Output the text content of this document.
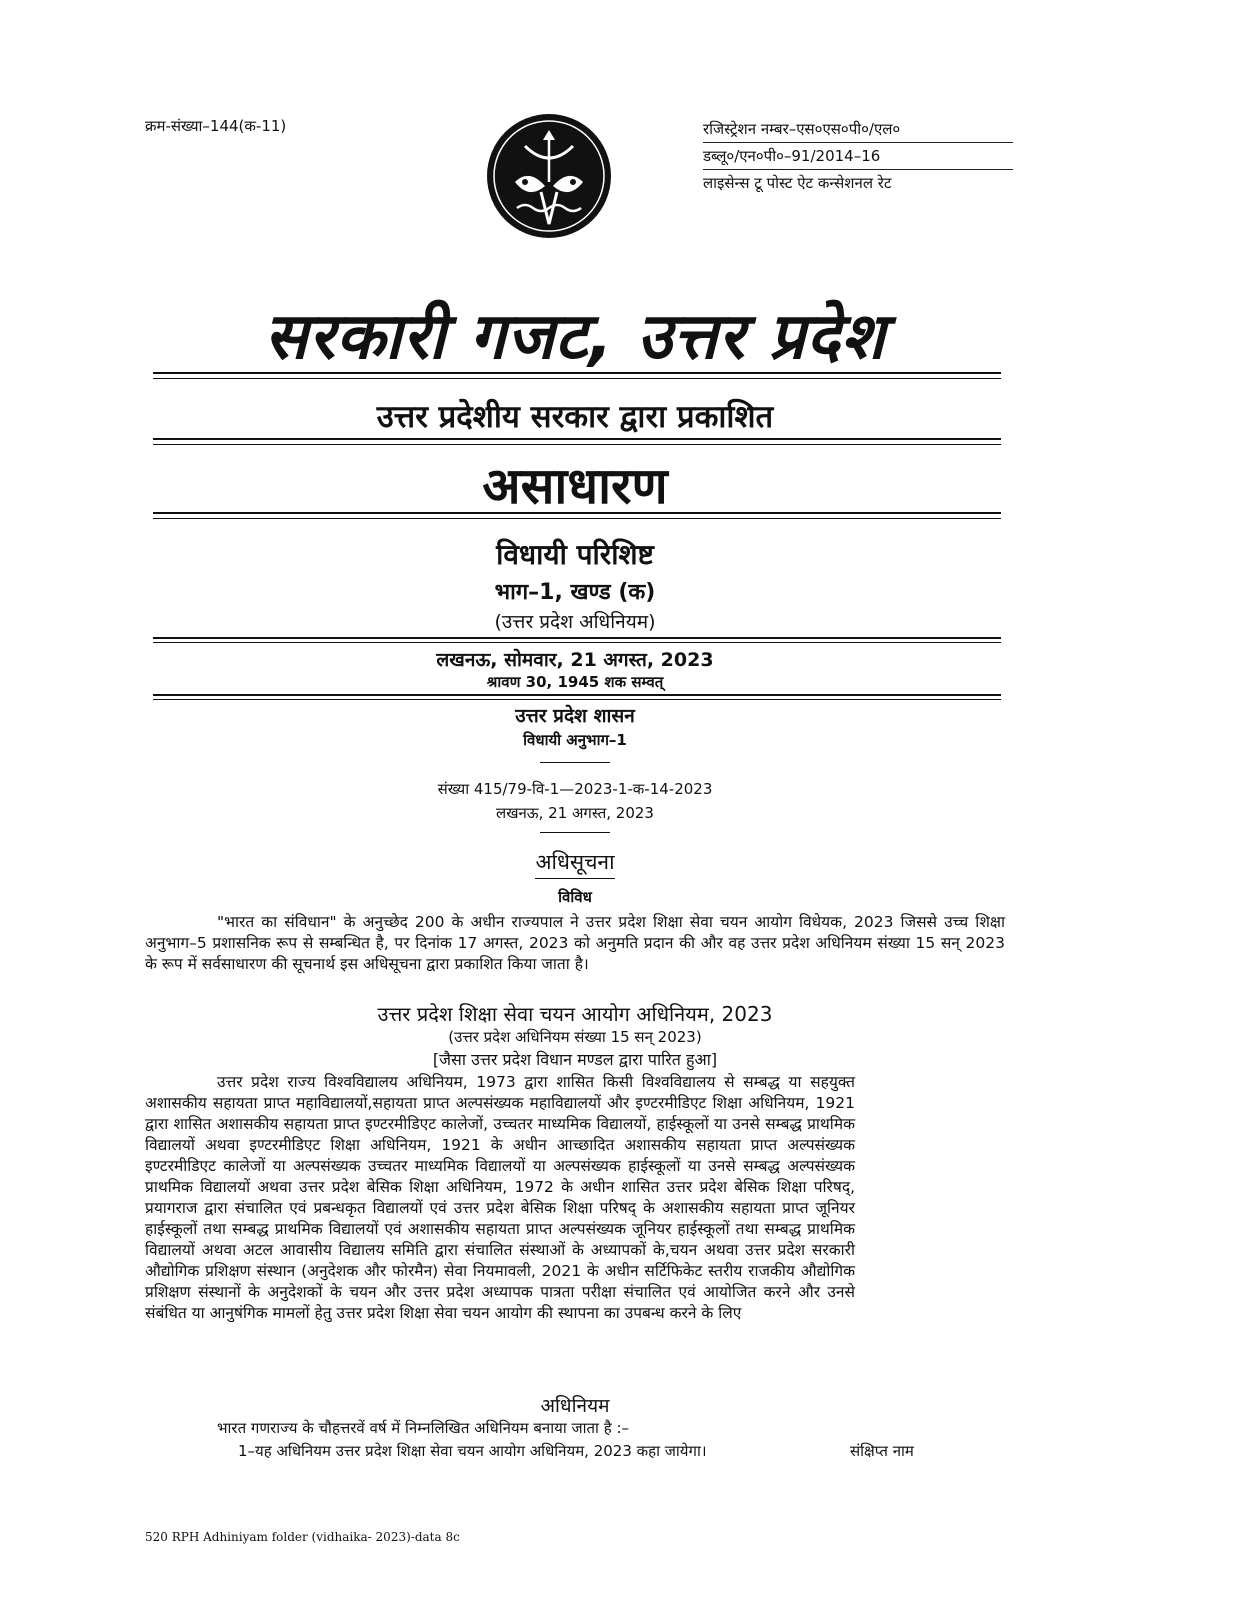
क्रम-संख्या–144(क-11)	रजिस्ट्रेशन नम्बर–एस०एस०पी०/एल०
डब्लू०/एन०पी०–91/2014–16
लाइसेन्स टू पोस्ट ऐट कन्सेशनल रेट
सरकारी गजट, उत्तर प्रदेश
उत्तर प्रदेशीय सरकार द्वारा प्रकाशित
असाधारण
विधायी परिशिष्ट
भाग–1, खण्ड (क)
(उत्तर प्रदेश अधिनियम)
लखनऊ, सोमवार, 21 अगस्त, 2023
श्रावण 30, 1945 शक सम्वत्
उत्तर प्रदेश शासन
विधायी अनुभाग–1
संख्या 415/79-वि-1—2023-1-क-14-2023
लखनऊ, 21 अगस्त, 2023
अधिसूचना
विविध
"भारत का संविधान" के अनुच्छेद 200 के अधीन राज्यपाल ने उत्तर प्रदेश शिक्षा सेवा चयन आयोग विधेयक, 2023 जिससे उच्च शिक्षा अनुभाग–5 प्रशासनिक रूप से सम्बन्धित है, पर दिनांक 17 अगस्त, 2023 को अनुमति प्रदान की और वह उत्तर प्रदेश अधिनियम संख्या 15 सन् 2023 के रूप में सर्वसाधारण की सूचनार्थ इस अधिसूचना द्वारा प्रकाशित किया जाता है।
उत्तर प्रदेश शिक्षा सेवा चयन आयोग अधिनियम, 2023
(उत्तर प्रदेश अधिनियम संख्या 15 सन् 2023)
[जैसा उत्तर प्रदेश विधान मण्डल द्वारा पारित हुआ]
उत्तर प्रदेश राज्य विश्वविद्यालय अधिनियम, 1973 द्वारा शासित किसी विश्वविद्यालय से सम्बद्ध या सहयुक्त अशासकीय सहायता प्राप्त महाविद्यालयों,सहायता प्राप्त अल्पसंख्यक महाविद्यालयों और इण्टरमीडिएट शिक्षा अधिनियम, 1921 द्वारा शासित अशासकीय सहायता प्राप्त इण्टरमीडिएट कालेजों, उच्चतर माध्यमिक विद्यालयों, हाईस्कूलों या उनसे सम्बद्ध प्राथमिक विद्यालयों अथवा इण्टरमीडिएट शिक्षा अधिनियम, 1921 के अधीन आच्छादित अशासकीय सहायता प्राप्त अल्पसंख्यक इण्टरमीडिएट कालेजों या अल्पसंख्यक उच्चतर माध्यमिक विद्यालयों या अल्पसंख्यक हाईस्कूलों या उनसे सम्बद्ध अल्पसंख्यक प्राथमिक विद्यालयों अथवा उत्तर प्रदेश बेसिक शिक्षा अधिनियम, 1972 के अधीन शासित उत्तर प्रदेश बेसिक शिक्षा परिषद्, प्रयागराज द्वारा संचालित एवं प्रबन्धकृत विद्यालयों एवं उत्तर प्रदेश बेसिक शिक्षा परिषद् के अशासकीय सहायता प्राप्त जूनियर हाईस्कूलों तथा सम्बद्ध प्राथमिक विद्यालयों एवं अशासकीय सहायता प्राप्त अल्पसंख्यक जूनियर हाईस्कूलों तथा सम्बद्ध प्राथमिक विद्यालयों अथवा अटल आवासीय विद्यालय समिति द्वारा संचालित संस्थाओं के अध्यापकों के,चयन अथवा उत्तर प्रदेश सरकारी औद्योगिक प्रशिक्षण संस्थान (अनुदेशक और फोरमैन) सेवा नियमावली, 2021 के अधीन सर्टिफिकेट स्तरीय राजकीय औद्योगिक प्रशिक्षण संस्थानों के अनुदेशकों के चयन और उत्तर प्रदेश अध्यापक पात्रता परीक्षा संचालित एवं आयोजित करने और उनसे संबंधित या आनुषंगिक मामलों हेतु उत्तर प्रदेश शिक्षा सेवा चयन आयोग की स्थापना का उपबन्ध करने के लिए
अधिनियम
भारत गणराज्य के चौहत्तरवें वर्ष में निम्नलिखित अधिनियम बनाया जाता है :–
1–यह अधिनियम उत्तर प्रदेश शिक्षा सेवा चयन आयोग अधिनियम, 2023 कहा जायेगा।	संक्षिप्त नाम
520 RPH Adhiniyam folder (vidhaika- 2023)-data 8c
